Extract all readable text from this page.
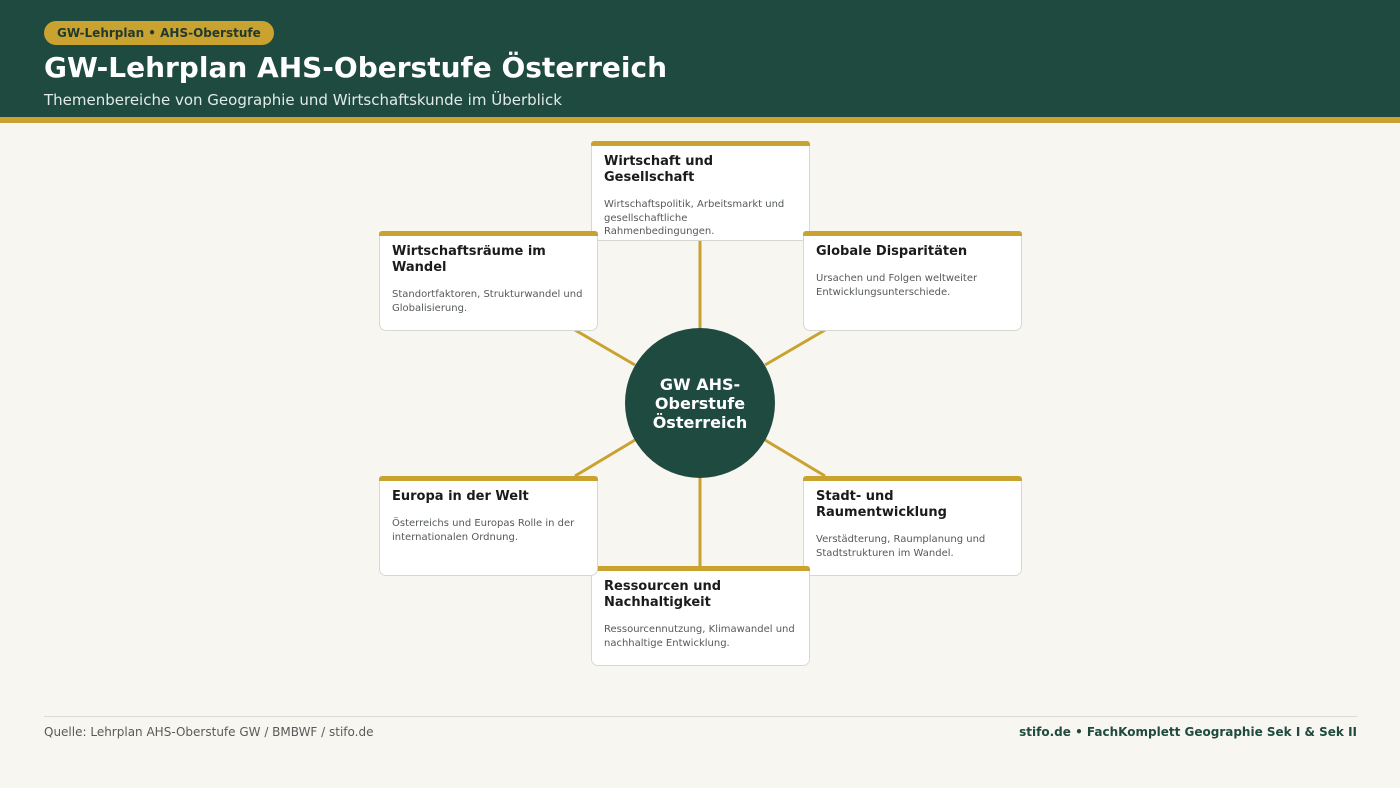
GW-Lehrplan • AHS-Oberstufe
GW-Lehrplan AHS-Oberstufe Österreich
Themenbereiche von Geographie und Wirtschaftskunde im Überblick
GW AHS-Oberstufe Österreich
Wirtschaft und Gesellschaft
Wirtschaftspolitik, Arbeitsmarkt und gesellschaftliche Rahmenbedingungen.
Globale Disparitäten
Ursachen und Folgen weltweiter Entwicklungsunterschiede.
Stadt- und Raumentwicklung
Verstädterung, Raumplanung und Stadtstrukturen im Wandel.
Ressourcen und Nachhaltigkeit
Ressourcennutzung, Klimawandel und nachhaltige Entwicklung.
Europa in der Welt
Österreichs und Europas Rolle in der internationalen Ordnung.
Wirtschaftsräume im Wandel
Standortfaktoren, Strukturwandel und Globalisierung.
Quelle: Lehrplan AHS-Oberstufe GW / BMBWF / stifo.de	stifo.de • FachKomplett Geographie Sek I & Sek II
